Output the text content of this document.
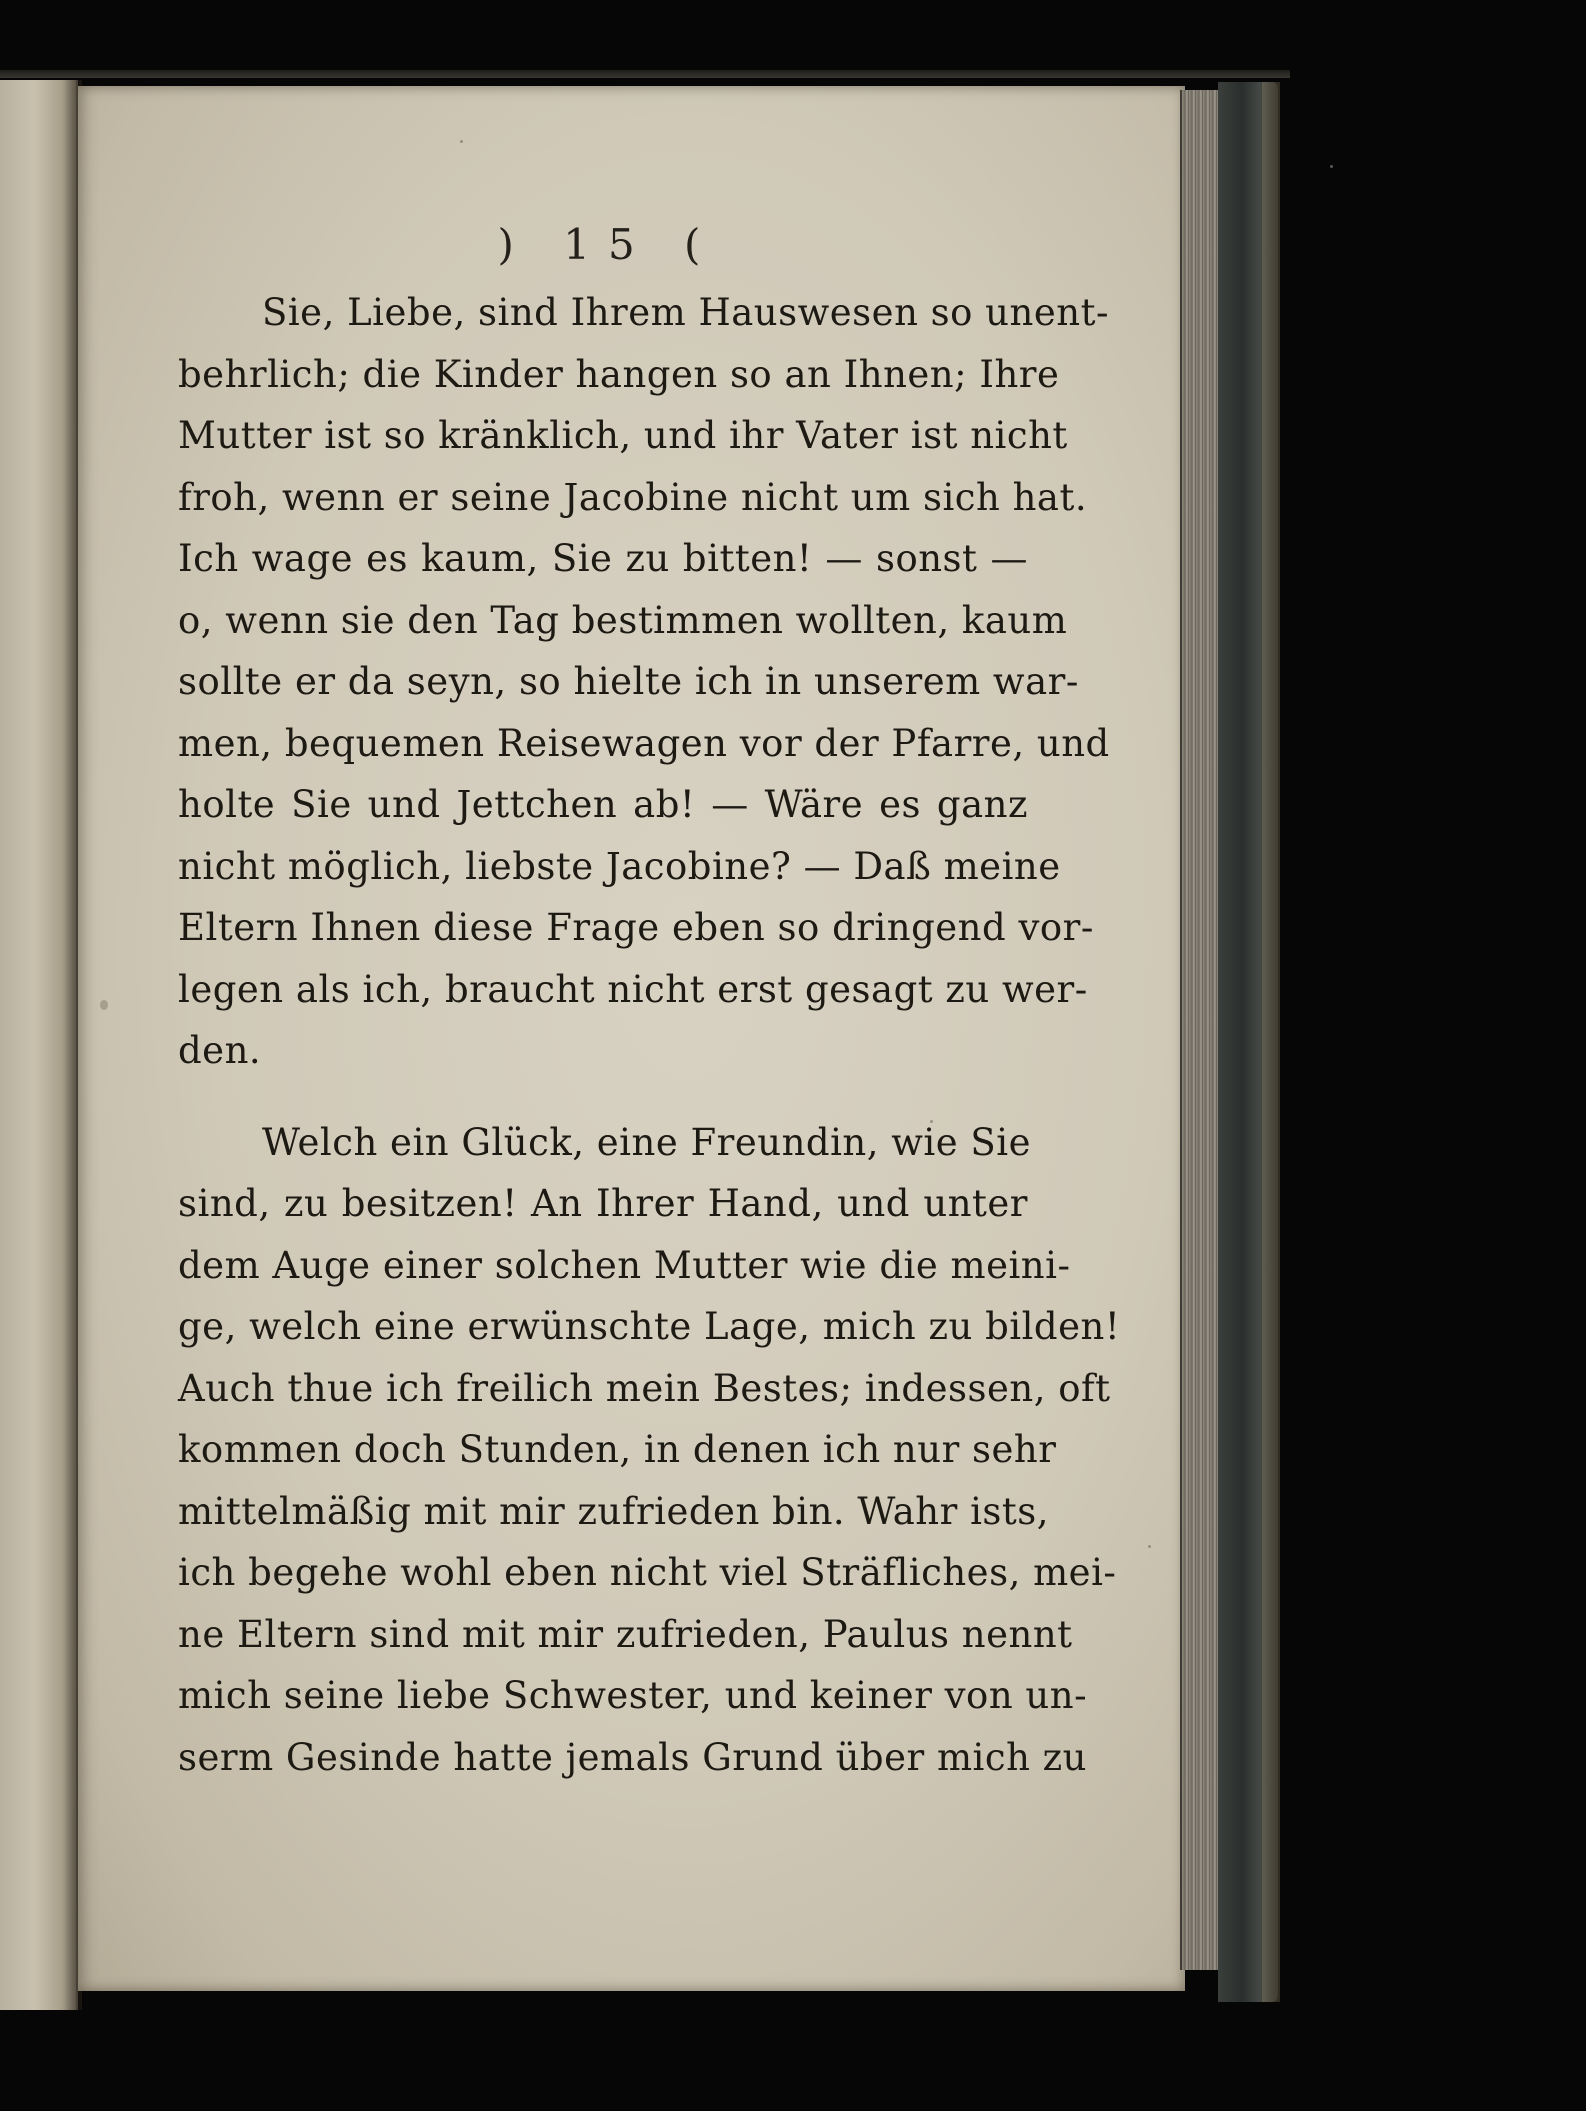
) 15 (
Sie, Liebe, sind Ihrem Hauswesen so unent-
behrlich; die Kinder hangen so an Ihnen; Ihre
Mutter ist so kränklich, und ihr Vater ist nicht
froh, wenn er seine Jacobine nicht um sich hat.
Ich wage es kaum, Sie zu bitten! — sonst —
o, wenn sie den Tag bestimmen wollten, kaum
sollte er da seyn, so hielte ich in unserem war-
men, bequemen Reisewagen vor der Pfarre, und
holte Sie und Jettchen ab! — Wäre es ganz
nicht möglich, liebste Jacobine? — Daß meine
Eltern Ihnen diese Frage eben so dringend vor-
legen als ich, braucht nicht erst gesagt zu wer-
den.
Welch ein Glück, eine Freundin, wie Sie
sind, zu besitzen! An Ihrer Hand, und unter
dem Auge einer solchen Mutter wie die meini-
ge, welch eine erwünschte Lage, mich zu bilden!
Auch thue ich freilich mein Bestes; indessen, oft
kommen doch Stunden, in denen ich nur sehr
mittelmäßig mit mir zufrieden bin. Wahr ists,
ich begehe wohl eben nicht viel Sträfliches, mei-
ne Eltern sind mit mir zufrieden, Paulus nennt
mich seine liebe Schwester, und keiner von un-
serm Gesinde hatte jemals Grund über mich zu
